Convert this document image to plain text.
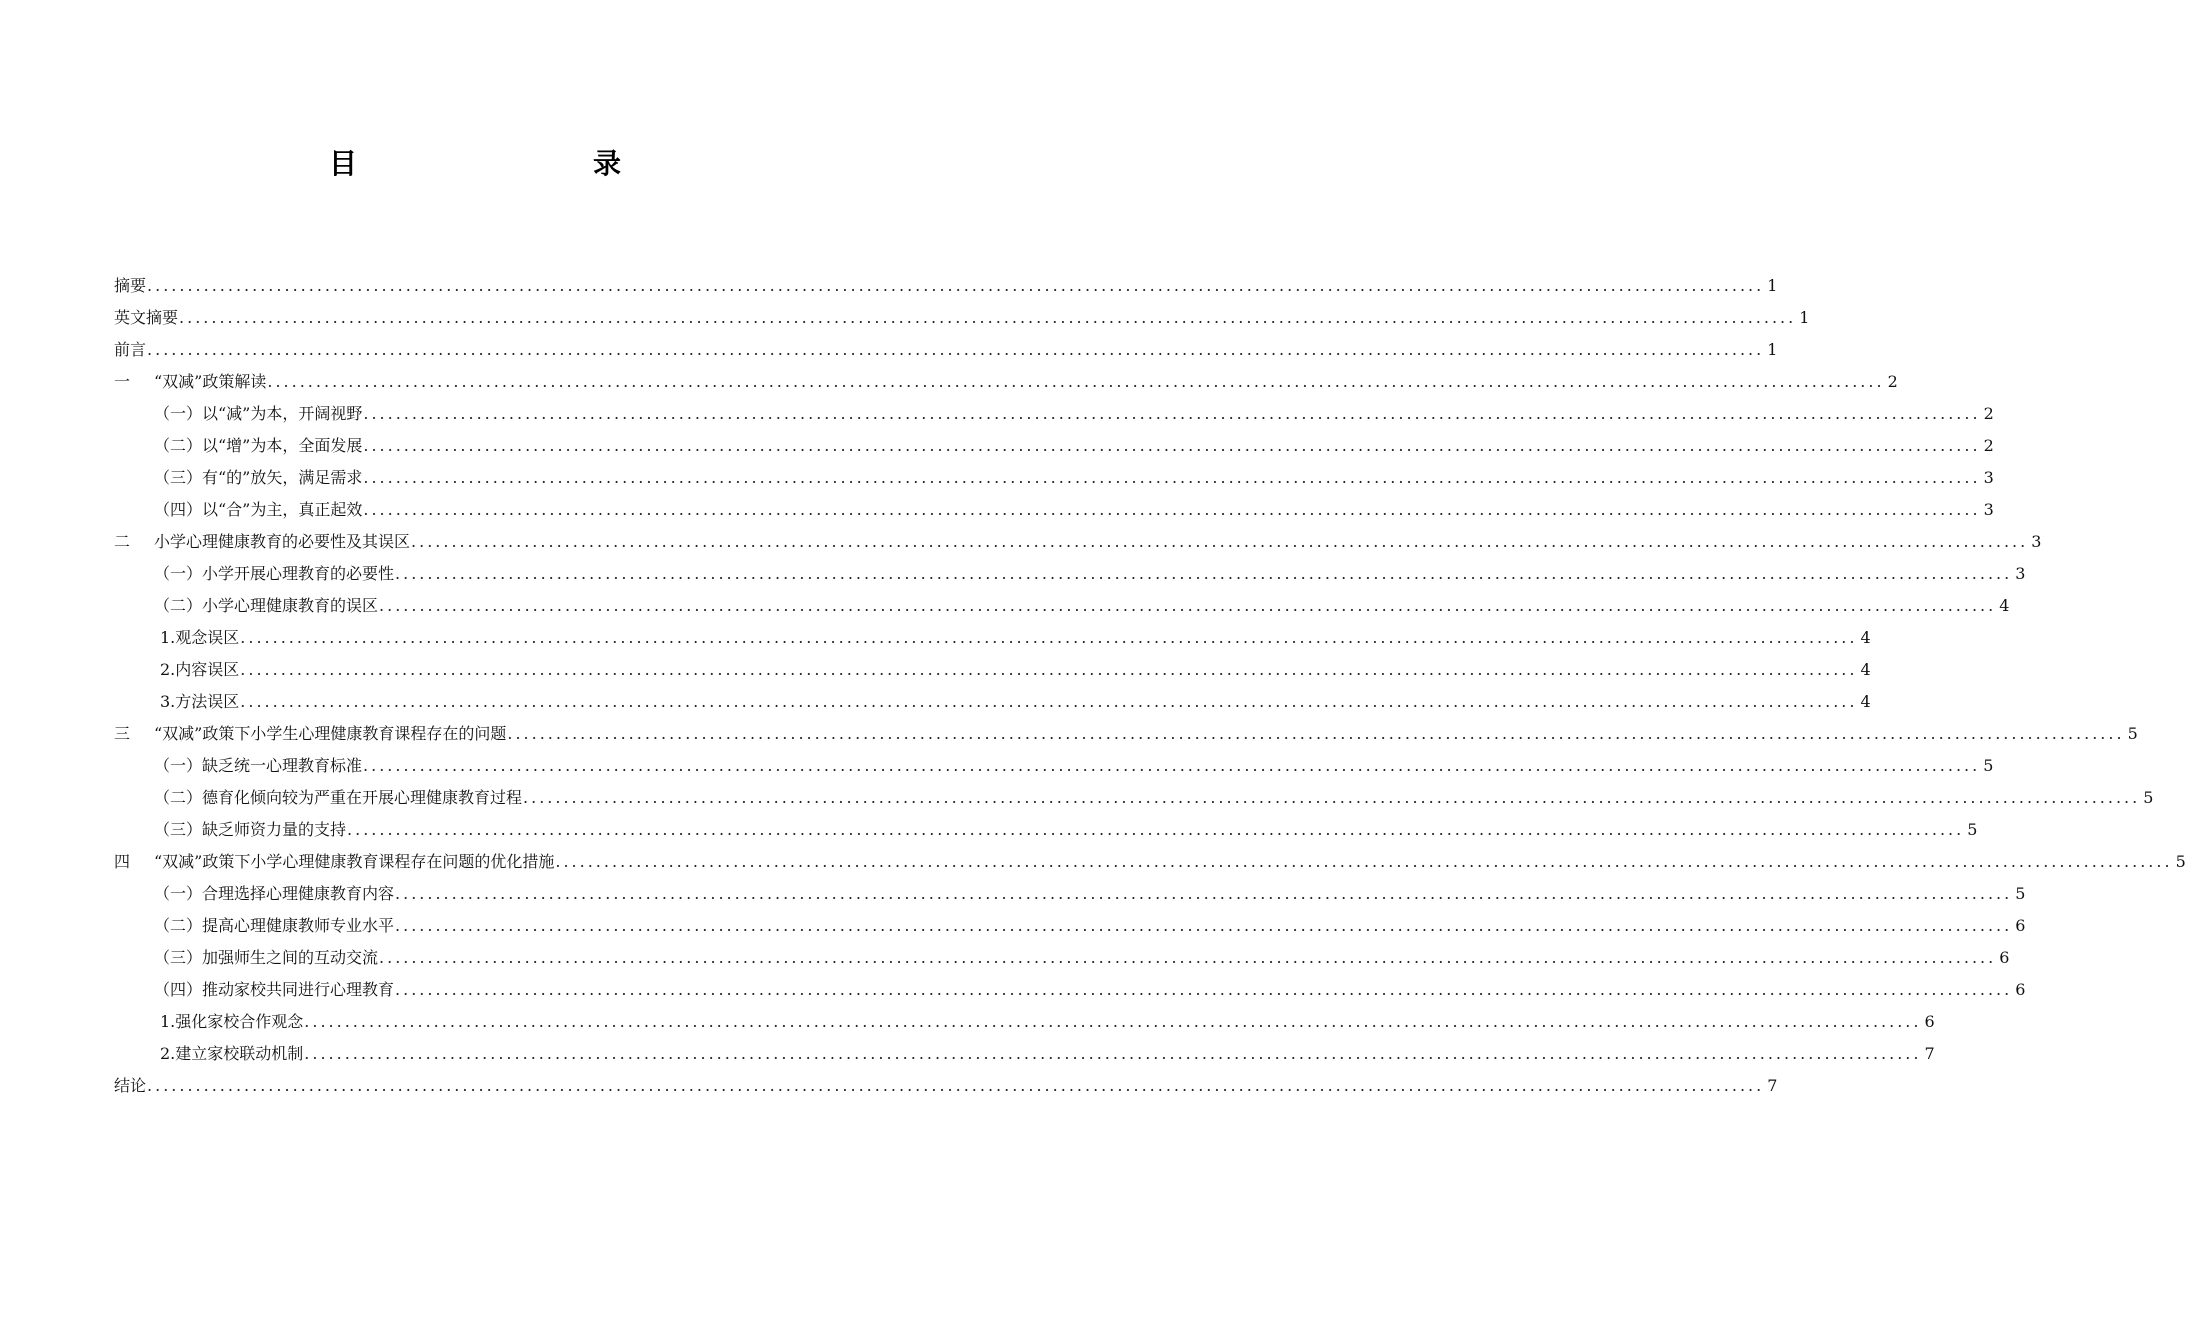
目　　录
摘要 ........................................................................................................................................................................................................ 1
英文摘要 ........................................................................................................................................................................................................ 1
前言 ........................................................................................................................................................................................................ 1
一	“双减”政策解读 ........................................................................................................................................................................................................ 2
（一）以“减”为本，开阔视野 ........................................................................................................................................................................................................ 2
（二）以“增”为本，全面发展 ........................................................................................................................................................................................................ 2
（三）有“的”放矢，满足需求 ........................................................................................................................................................................................................ 3
（四）以“合”为主，真正起效 ........................................................................................................................................................................................................ 3
二	小学心理健康教育的必要性及其误区 ........................................................................................................................................................................................................ 3
（一）小学开展心理教育的必要性 ........................................................................................................................................................................................................ 3
（二）小学心理健康教育的误区 ........................................................................................................................................................................................................ 4
1.观念误区 ........................................................................................................................................................................................................ 4
2.内容误区 ........................................................................................................................................................................................................ 4
3.方法误区 ........................................................................................................................................................................................................ 4
三	“双减”政策下小学生心理健康教育课程存在的问题 ........................................................................................................................................................................................................ 5
（一）缺乏统一心理教育标准 ........................................................................................................................................................................................................ 5
（二）德育化倾向较为严重在开展心理健康教育过程 ........................................................................................................................................................................................................ 5
（三）缺乏师资力量的支持 ........................................................................................................................................................................................................ 5
四	“双减”政策下小学心理健康教育课程存在问题的优化措施 ........................................................................................................................................................................................................ 5
（一）合理选择心理健康教育内容 ........................................................................................................................................................................................................ 5
（二）提高心理健康教师专业水平 ........................................................................................................................................................................................................ 6
（三）加强师生之间的互动交流 ........................................................................................................................................................................................................ 6
（四）推动家校共同进行心理教育 ........................................................................................................................................................................................................ 6
1.强化家校合作观念 ........................................................................................................................................................................................................ 6
2.建立家校联动机制 ........................................................................................................................................................................................................ 7
结论 ........................................................................................................................................................................................................ 7
